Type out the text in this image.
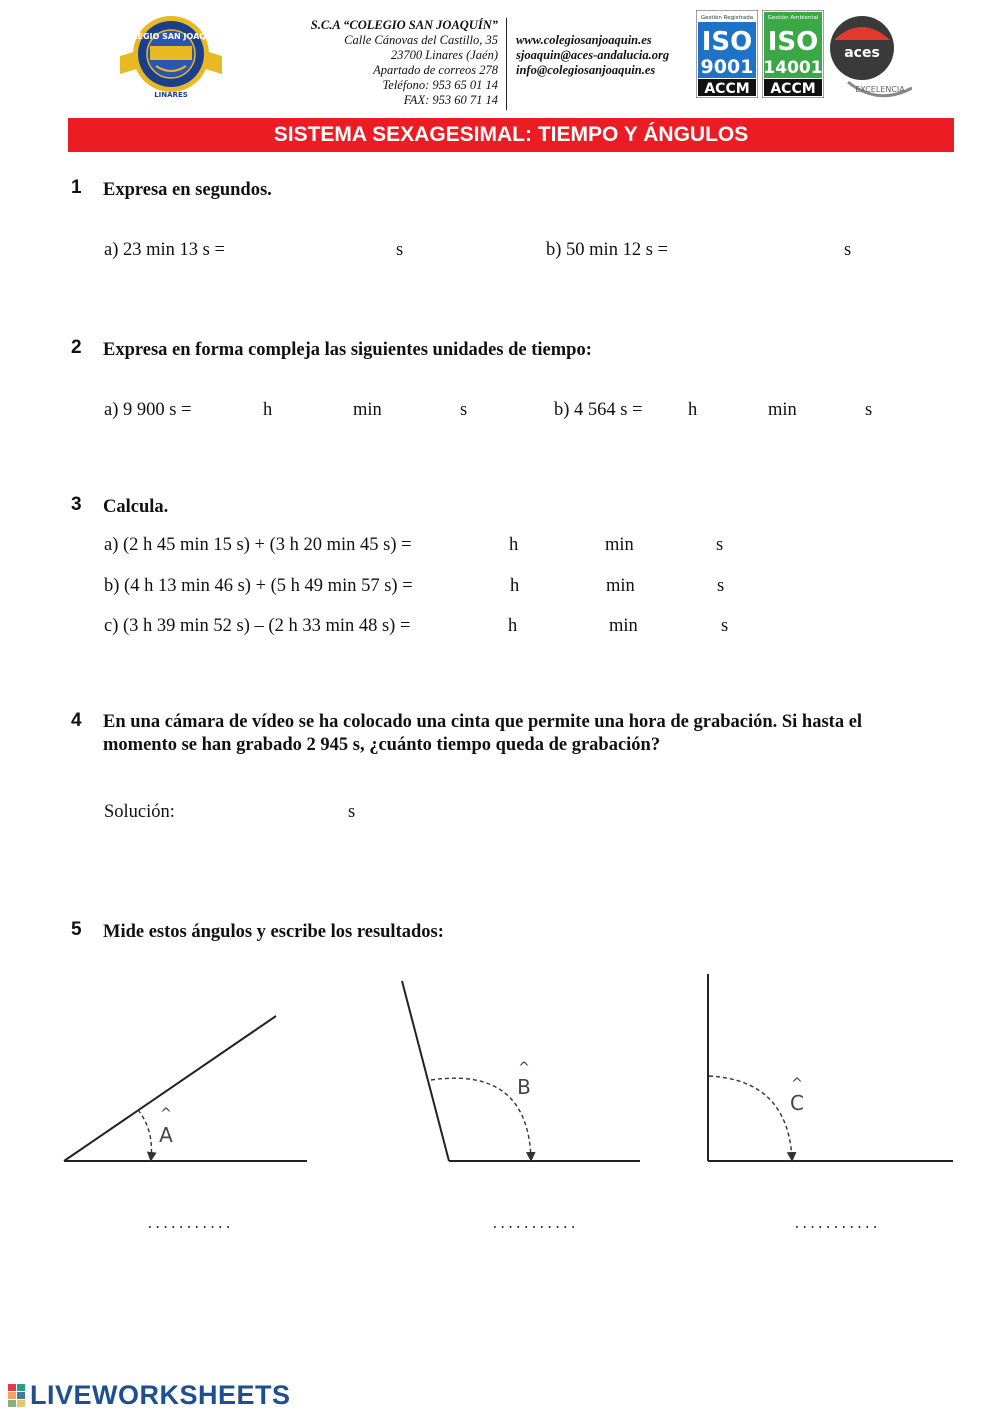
COLEGIO SAN JOAQUIN
LINARES
S.C.A “COLEGIO SAN JOAQUÍN”
Calle Cánovas del Castillo, 35
23700 Linares (Jaén)
Apartado de correos 278
Teléfono: 953 65 01 14
FAX: 953 60 71 14
www.colegiosanjoaquin.es
sjoaquin@aces-andalucia.org
info@colegiosanjoaquin.es
Gestión Registrada
ISO
9001
ACCM
Gestión Ambiental
ISO
14001
ACCM
aces
EXCELENCIA
SISTEMA SEXAGESIMAL: TIEMPO Y ÁNGULOS
1 Expresa en segundos.
a) 23 min 13 s =	s	b) 50 min 12 s =	s
2 Expresa en forma compleja las siguientes unidades de tiempo:
a) 9 900 s =	h	min	s	b) 4 564 s = h	min	s
3 Calcula.
a) (2 h 45 min 15 s) + (3 h 20 min 45 s) =	h	min	s
b) (4 h 13 min 46 s) + (5 h 49 min 57 s) =	h	min	s
c) (3 h 39 min 52 s) – (2 h 33 min 48 s) =	h	min	s
4 En una cámara de vídeo se ha colocado una cinta que permite una hora de grabación. Si hasta el
momento se han grabado 2 945 s, ¿cuánto tiempo queda de grabación?
Solución:	s
5 Mide estos ángulos y escribe los resultados:
^
A
...........
^
B
...........
^
C
...........
LIVEWORKSHEETS
